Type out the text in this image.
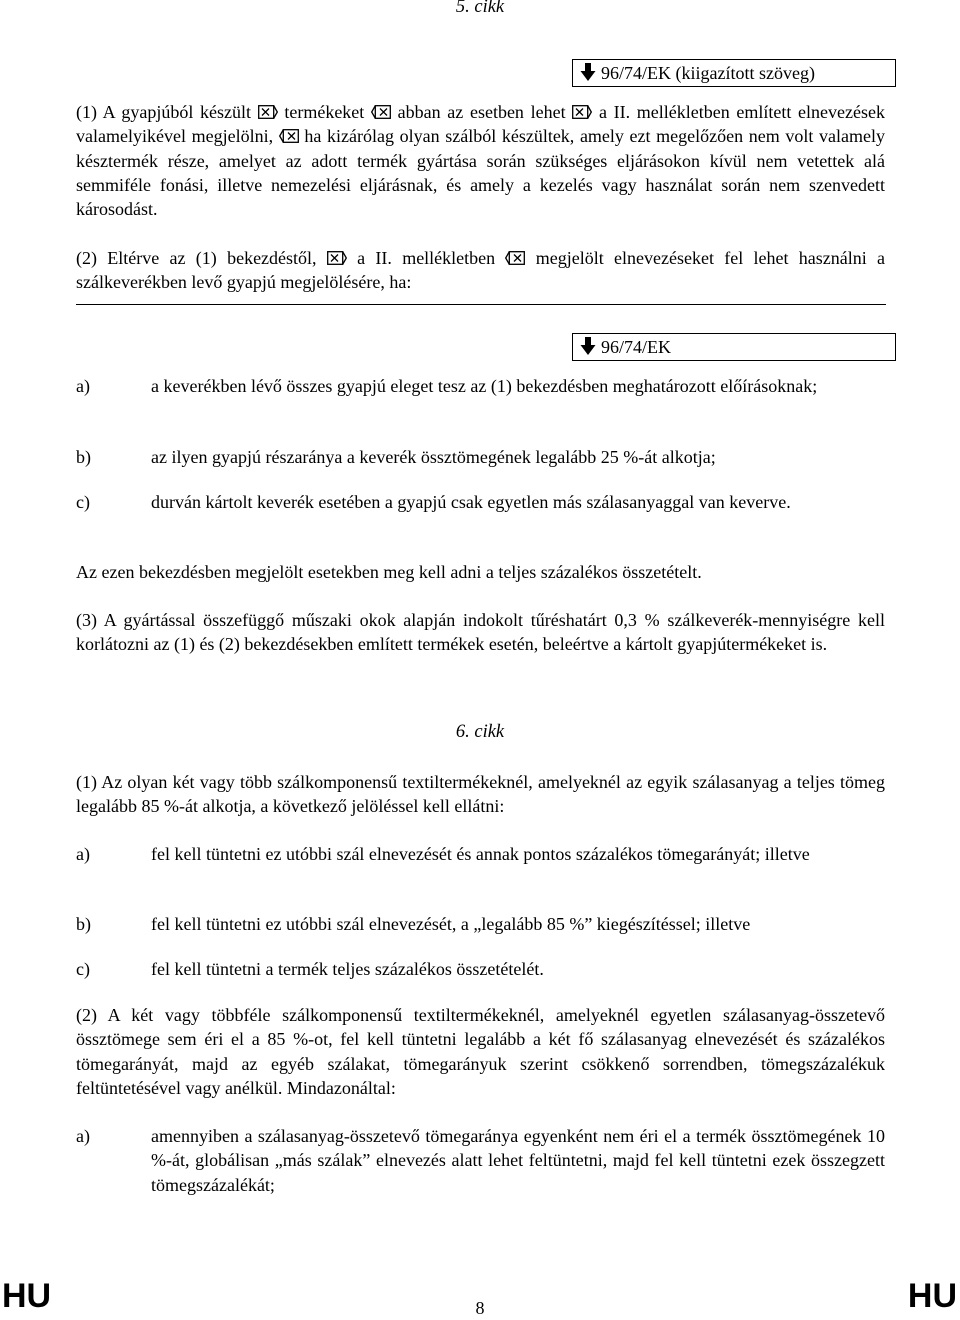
5. cikk
96/74/EK (kiigazított szöveg)
(1) A gyapjúból készült termékeket abban az esetben lehet a II. mellékletben említett elnevezések valamelyikével megjelölni, ha kizárólag olyan szálból készültek, amely ezt megelőzően nem volt valamely késztermék része, amelyet az adott termék gyártása során szükséges eljárásokon kívül nem vetettek alá semmiféle fonási, illetve nemezelési eljárásnak, és amely a kezelés vagy használat során nem szenvedett károsodást.
(2) Eltérve az (1) bekezdéstől, a II. mellékletben megjelölt elnevezéseket fel lehet használni a szálkeverékben levő gyapjú megjelölésére, ha:
96/74/EK
a)	a keverékben lévő összes gyapjú eleget tesz az (1) bekezdésben meghatározott előírásoknak;
b)	az ilyen gyapjú részaránya a keverék össztömegének legalább 25 %-át alkotja;
c)	durván kártolt keverék esetében a gyapjú csak egyetlen más szálasanyaggal van keverve.
Az ezen bekezdésben megjelölt esetekben meg kell adni a teljes százalékos összetételt.
(3) A gyártással összefüggő műszaki okok alapján indokolt tűréshatárt 0,3 % szálkeverék-mennyiségre kell korlátozni az (1) és (2) bekezdésekben említett termékek esetén, beleértve a kártolt gyapjútermékeket is.
6. cikk
(1) Az olyan két vagy több szálkomponensű textiltermékeknél, amelyeknél az egyik szálasanyag a teljes tömeg legalább 85 %-át alkotja, a következő jelöléssel kell ellátni:
a)	fel kell tüntetni ez utóbbi szál elnevezését és annak pontos százalékos tömegarányát; illetve
b)	fel kell tüntetni ez utóbbi szál elnevezését, a „legalább 85 %” kiegészítéssel; illetve
c)	fel kell tüntetni a termék teljes százalékos összetételét.
(2) A két vagy többféle szálkomponensű textiltermékeknél, amelyeknél egyetlen szálasanyag-összetevő össztömege sem éri el a 85 %-ot, fel kell tüntetni legalább a két fő szálasanyag elnevezését és százalékos tömegarányát, majd az egyéb szálakat, tömegarányuk szerint csökkenő sorrendben, tömegszázalékuk feltüntetésével vagy anélkül. Mindazonáltal:
a)	amennyiben a szálasanyag-összetevő tömegaránya egyenként nem éri el a termék össztömegének 10 %-át, globálisan „más szálak” elnevezés alatt lehet feltüntetni, majd fel kell tüntetni ezek összegzett tömegszázalékát;
HU	8	HU
